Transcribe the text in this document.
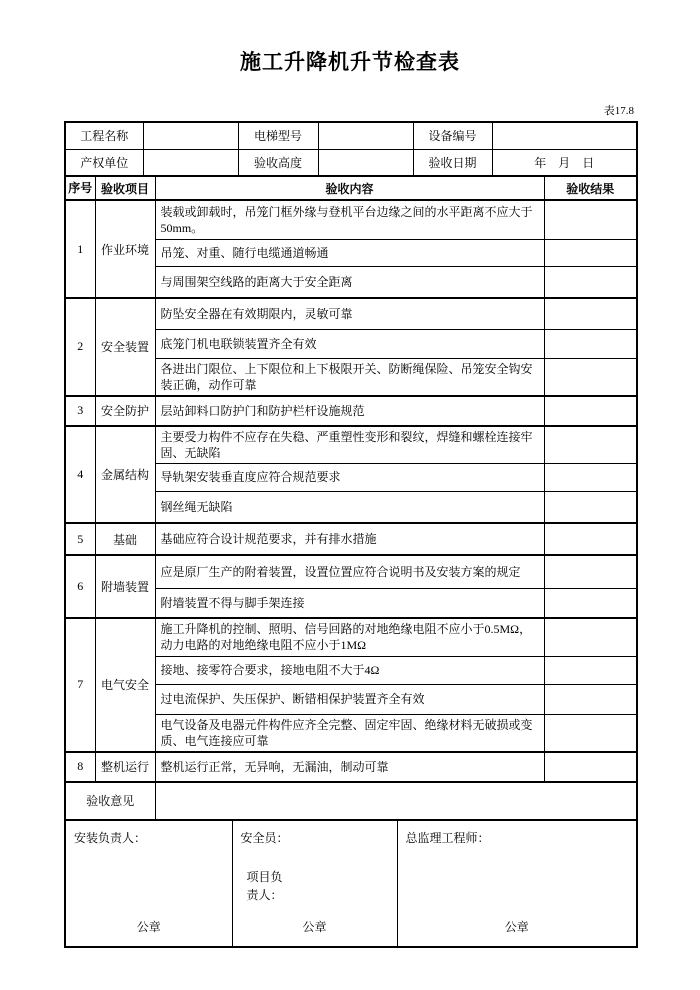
施工升降机升节检查表
表17.8
工程名称		电梯型号		设备编号	
产权单位		验收高度		验收日期	年　月　日
序号	验收项目	验收内容	验收结果
1	作业环境	装载或卸载时，吊笼门框外缘与登机平台边缘之间的水平距离不应大于50mm。	
		吊笼、对重、随行电缆通道畅通	
		与周围架空线路的距离大于安全距离	
2	安全装置	防坠安全器在有效期限内，灵敏可靠	
		底笼门机电联锁装置齐全有效	
		各进出门限位、上下限位和上下极限开关、防断绳保险、吊笼安全钩安装正确，动作可靠	
3	安全防护	层站卸料口防护门和防护栏杆设施规范	
4	金属结构	主要受力构件不应存在失稳、严重塑性变形和裂纹，焊缝和螺栓连接牢固、无缺陷	
		导轨架安装垂直度应符合规范要求	
		钢丝绳无缺陷	
5	基础	基础应符合设计规范要求，并有排水措施	
6	附墙装置	应是原厂生产的附着装置，设置位置应符合说明书及安装方案的规定	
		附墙装置不得与脚手架连接	
7	电气安全	施工升降机的控制、照明、信号回路的对地绝缘电阻不应小于0.5MΩ，动力电路的对地绝缘电阻不应小于1MΩ	
		接地、接零符合要求，接地电阻不大于4Ω	
		过电流保护、失压保护、断错相保护装置齐全有效	
		电气设备及电器元件构件应齐全完整、固定牢固、绝缘材料无破损或变质、电气连接应可靠	
8	整机运行	整机运行正常，无异响，无漏油，制动可靠	
验收意见			
安装负责人：
公章

安全员：
项目负责人：
公章

总监理工程师：
公章
